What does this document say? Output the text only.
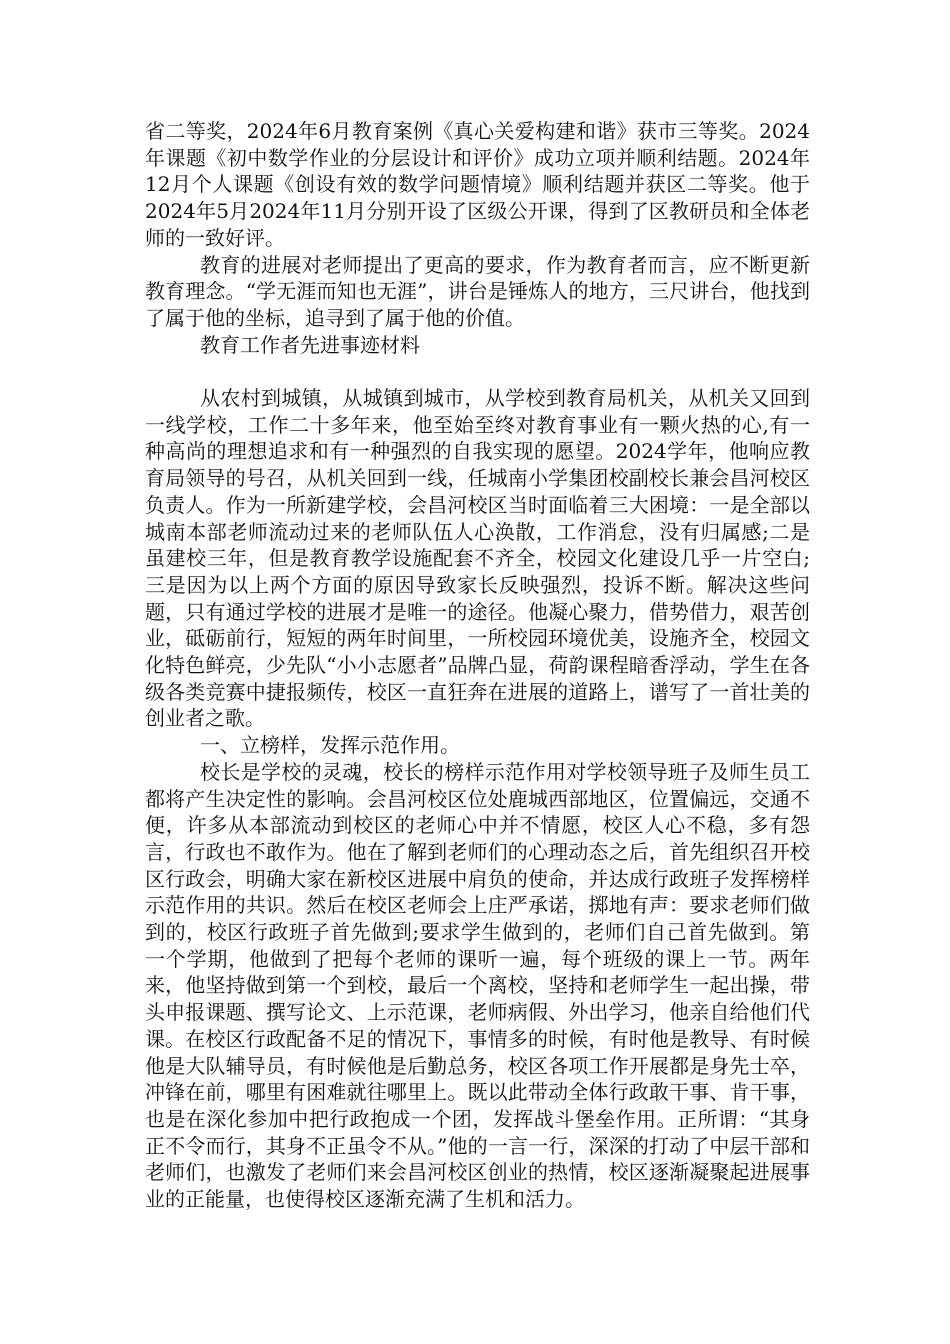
省二等奖，2024年6月教育案例《真心关爱构建和谐》获市三等奖。2024年课题《初中数学作业的分层设计和评价》成功立项并顺利结题。2024年12月个人课题《创设有效的数学问题情境》顺利结题并获区二等奖。他于2024年5月2024年11月分别开设了区级公开课，得到了区教研员和全体老师的一致好评。

教育的进展对老师提出了更高的要求，作为教育者而言，应不断更新教育理念。“学无涯而知也无涯”，讲台是锤炼人的地方，三尺讲台，他找到了属于他的坐标，追寻到了属于他的价值。

教育工作者先进事迹材料

从农村到城镇，从城镇到城市，从学校到教育局机关，从机关又回到一线学校，工作二十多年来，他至始至终对教育事业有一颗火热的心,有一种高尚的理想追求和有一种强烈的自我实现的愿望。2024学年，他响应教育局领导的号召，从机关回到一线，任城南小学集团校副校长兼会昌河校区负责人。作为一所新建学校，会昌河校区当时面临着三大困境：一是全部以城南本部老师流动过来的老师队伍人心涣散，工作消怠，没有归属感;二是虽建校三年，但是教育教学设施配套不齐全，校园文化建设几乎一片空白;三是因为以上两个方面的原因导致家长反映强烈，投诉不断。解决这些问题，只有通过学校的进展才是唯一的途径。他凝心聚力，借势借力，艰苦创业，砥砺前行，短短的两年时间里，一所校园环境优美，设施齐全，校园文化特色鲜亮，少先队“小小志愿者”品牌凸显，荷韵课程暗香浮动，学生在各级各类竞赛中捷报频传，校区一直狂奔在进展的道路上，谱写了一首壮美的创业者之歌。

一、立榜样，发挥示范作用。

校长是学校的灵魂，校长的榜样示范作用对学校领导班子及师生员工都将产生决定性的影响。会昌河校区位处鹿城西部地区，位置偏远，交通不便，许多从本部流动到校区的老师心中并不情愿，校区人心不稳，多有怨言，行政也不敢作为。他在了解到老师们的心理动态之后，首先组织召开校区行政会，明确大家在新校区进展中肩负的使命，并达成行政班子发挥榜样示范作用的共识。然后在校区老师会上庄严承诺，掷地有声：要求老师们做到的，校区行政班子首先做到;要求学生做到的，老师们自己首先做到。第一个学期，他做到了把每个老师的课听一遍，每个班级的课上一节。两年来，他坚持做到第一个到校，最后一个离校，坚持和老师学生一起出操，带头申报课题、撰写论文、上示范课，老师病假、外出学习，他亲自给他们代课。在校区行政配备不足的情况下，事情多的时候，有时他是教导、有时候他是大队辅导员，有时候他是后勤总务，校区各项工作开展都是身先士卒，冲锋在前，哪里有困难就往哪里上。既以此带动全体行政敢干事、肯干事，也是在深化参加中把行政抱成一个团，发挥战斗堡垒作用。正所谓：“其身正不令而行，其身不正虽令不从。”他的一言一行，深深的打动了中层干部和老师们，也激发了老师们来会昌河校区创业的热情，校区逐渐凝聚起进展事业的正能量，也使得校区逐渐充满了生机和活力。
